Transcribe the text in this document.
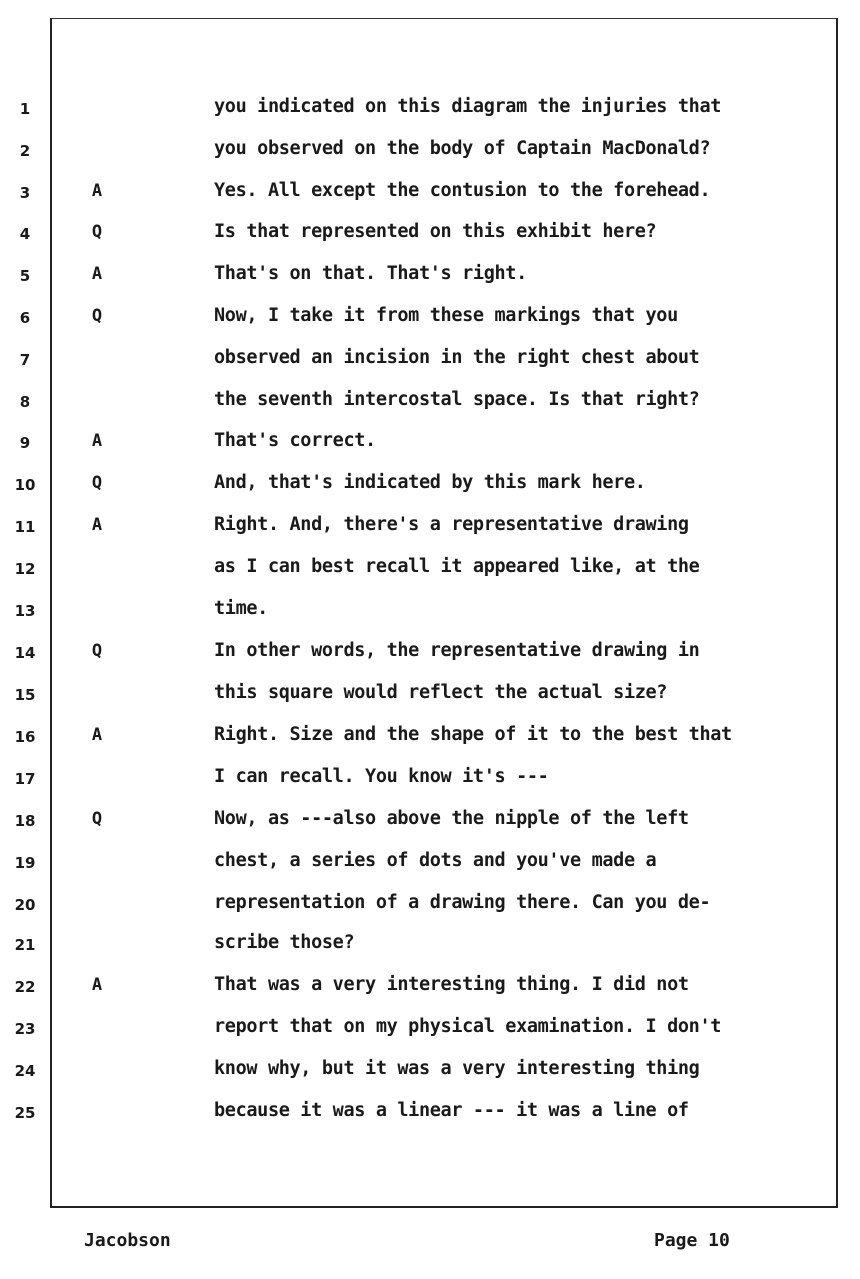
1	you indicated on this diagram the injuries that
2	you observed on the body of Captain MacDonald?
3	A	Yes. All except the contusion to the forehead.
4	Q	Is that represented on this exhibit here?
5	A	That's on that. That's right.
6	Q	Now, I take it from these markings that you
7	observed an incision in the right chest about
8	the seventh intercostal space. Is that right?
9	A	That's correct.
10	Q	And, that's indicated by this mark here.
11	A	Right. And, there's a representative drawing
12	as I can best recall it appeared like, at the
13	time.
14	Q	In other words, the representative drawing in
15	this square would reflect the actual size?
16	A	Right. Size and the shape of it to the best that
17	I can recall. You know it's ---
18	Q	Now, as ---also above the nipple of the left
19	chest, a series of dots and you've made a
20	representation of a drawing there. Can you de-
21	scribe those?
22	A	That was a very interesting thing. I did not
23	report that on my physical examination. I don't
24	know why, but it was a very interesting thing
25	because it was a linear --- it was a line of
Jacobson	Page 10
